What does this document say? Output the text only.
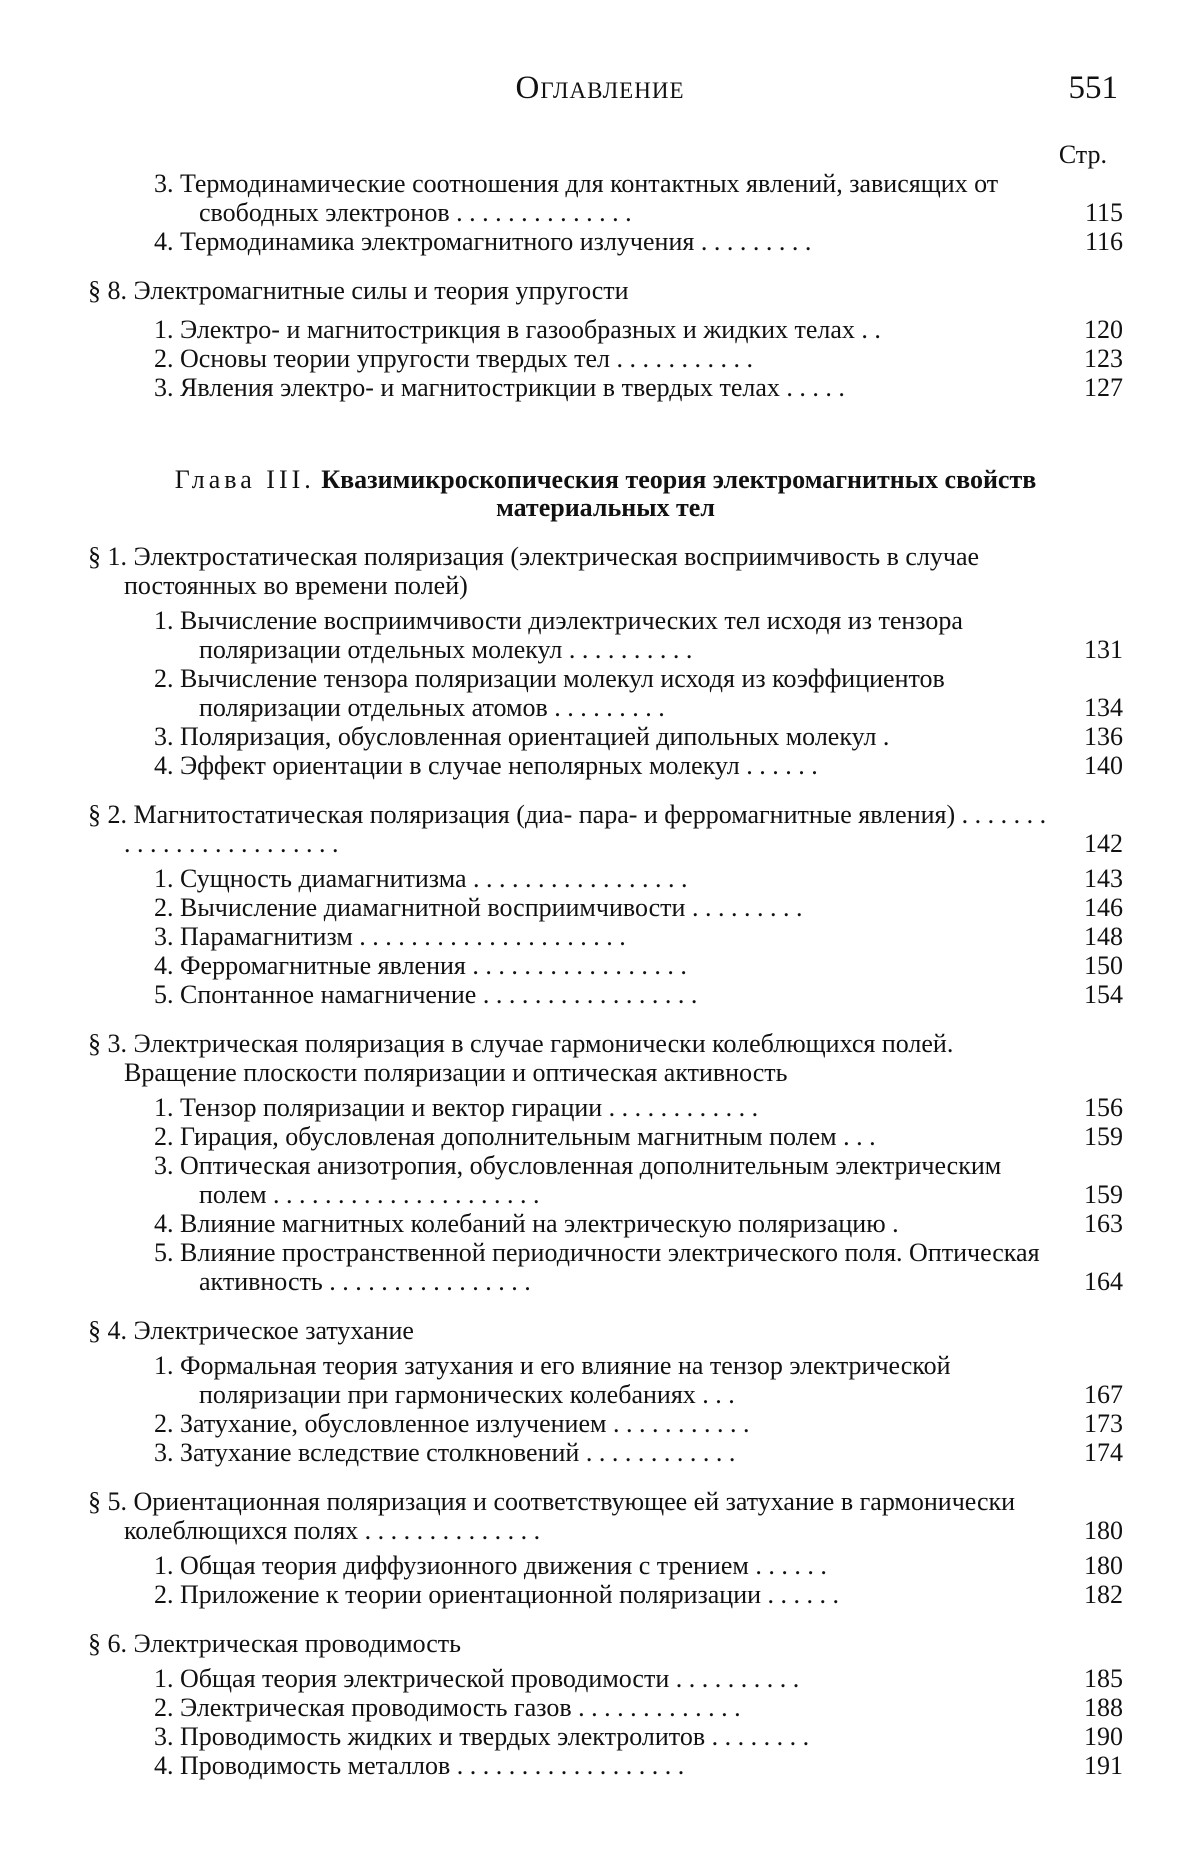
Оглавление	551
Стр.
3. Термодинамические соотношения для контактных явлений, зависящих от свободных электронов . . . . . . . . . . . . . .	115
4. Термодинамика электромагнитного излучения . . . . . . . . .	116
§ 8. Электромагнитные силы и теория упругости
1. Электро- и магнитострикция в газообразных и жидких телах . .	120
2. Основы теории упругости твердых тел . . . . . . . . . . .	123
3. Явления электро- и магнитострикции в твердых телах . . . . .	127
Глава III. Квазимикроскопическия теория электромагнитных свойств материальных тел
§ 1. Электростатическая поляризация (электрическая восприимчивость в случае постоянных во времени полей)
1. Вычисление восприимчивости диэлектрических тел исходя из тензора поляризации отдельных молекул . . . . . . . . . .	131
2. Вычисление тензора поляризации молекул исходя из коэффициентов поляризации отдельных атомов . . . . . . . . .	134
3. Поляризация, обусловленная ориентацией дипольных молекул .	136
4. Эффект ориентации в случае неполярных молекул . . . . . .	140
§ 2. Магнитостатическая поляризация (диа- пара- и ферромагнитные явления) . . . . . . . . . . . . . . . . . . . . . . . .	142
1. Сущность диамагнитизма . . . . . . . . . . . . . . . . .	143
2. Вычисление диамагнитной восприимчивости . . . . . . . . .	146
3. Парамагнитизм . . . . . . . . . . . . . . . . . . . . .	148
4. Ферромагнитные явления . . . . . . . . . . . . . . . . .	150
5. Спонтанное намагничение . . . . . . . . . . . . . . . . .	154
§ 3. Электрическая поляризация в случае гармонически колеблющихся полей. Вращение плоскости поляризации и оптическая активность
1. Тензор поляризации и вектор гирации . . . . . . . . . . . .	156
2. Гирация, обусловленая дополнительным магнитным полем . . .	159
3. Оптическая анизотропия, обусловленная дополнительным электрическим полем . . . . . . . . . . . . . . . . . . . . .	159
4. Влияние магнитных колебаний на электрическую поляризацию .	163
5. Влияние пространственной периодичности электрического поля. Оптическая активность . . . . . . . . . . . . . . . .	164
§ 4. Электрическое затухание
1. Формальная теория затухания и его влияние на тензор электрической поляризации при гармонических колебаниях . . .	167
2. Затухание, обусловленное излучением . . . . . . . . . . .	173
3. Затухание вследствие столкновений . . . . . . . . . . . .	174
§ 5. Ориентационная поляризация и соответствующее ей затухание в гармонически колеблющихся полях . . . . . . . . . . . . . .	180
1. Общая теория диффузионного движения с трением . . . . . .	180
2. Приложение к теории ориентационной поляризации . . . . . .	182
§ 6. Электрическая проводимость
1. Общая теория электрической проводимости . . . . . . . . . .	185
2. Электрическая проводимость газов . . . . . . . . . . . . .	188
3. Проводимость жидких и твердых электролитов . . . . . . . .	190
4. Проводимость металлов . . . . . . . . . . . . . . . . . .	191
